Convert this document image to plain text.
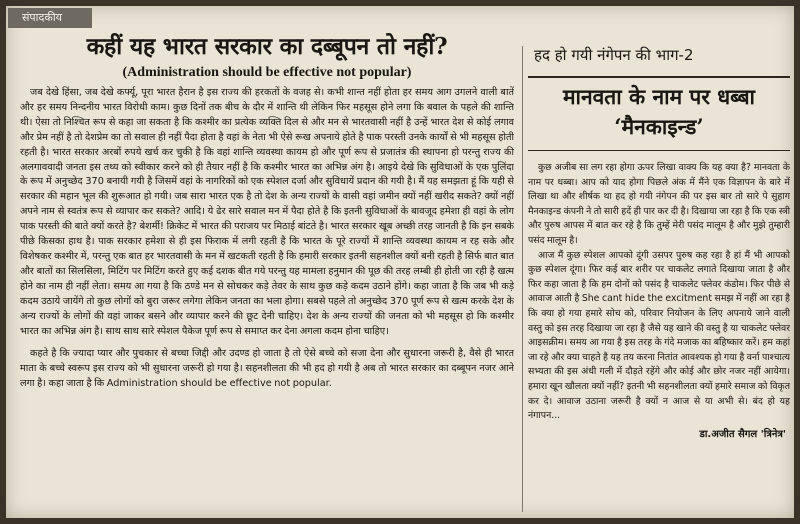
संपादकीय
कहीं यह भारत सरकार का दब्बूपन तो नहीं?
(Administration should be effective not popular)

जब देखे हिंसा, जब देखे कर्फ्यू, पूरा भारत हैरान है इस राज्य की हरकतों के वजह से। कभी शान्त नहीं होता हर समय आग उगलने वाली बातें और हर समय निन्दनीय भारत विरोधी काम। कुछ दिनों तक बीच के दौर में शान्ति थी लेकिन फिर महसूस होने लगा कि बवाल के पहले की शान्ति थी। ऐसा तो निश्चित रूप से कहा जा सकता है कि कश्मीर का प्रत्येक व्यक्ति दिल से और मन से भारतवासी नहीं है उन्हें भारत देश से कोई लगाव और प्रेम नहीं है तो देशप्रेम का तो सवाल ही नहीं पैदा होता है वहां के नेता भी ऐसे रूख अपनाये होते है पाक परस्ती उनके कार्यों से भी महसूस होती रहती है। भारत सरकार अरबों रुपये खर्च कर चुकी है कि वहां शान्ति व्यवस्था कायम हो और पूर्ण रूप से प्रजातंत्र की स्थापना हो परन्तु राज्य की अलगाववादी जनता इस तथ्य को स्वीकार करने को ही तैयार नहीं है कि कश्मीर भारत का अभिन्न अंग है। आइये देखे कि सुविधाओं के एक पुलिंदा के रूप में अनुच्छेद 370 बनायी गयी है जिसमें वहां के नागरिकों को एक स्पेशल दर्जा और सुविधायें प्रदान की गयी है। मैं यह समझता हूं कि यही से सरकार की महान भूल की शुरूआत हो गयी। जब सारा भारत एक है तो देश के अन्य राज्यों के वासी वहां जमीन क्यों नहीं खरीद सकते? क्यों नहीं अपने नाम से स्वतंत्र रूप से व्यापार कर सकते? आदि। ये ढेर सारे सवाल मन में पैदा होते है कि इतनी सुविधाओं के बावजूद हमेशा ही वहां के लोग पाक परस्ती की बाते क्यों करते है? बेशर्मी! क्रिकेट में भारत की पराजय पर मिठाई बांटते है। भारत सरकार खूब अच्छी तरह जानती है कि इन सबके पीछे किसका हाथ है। पाक सरकार हमेशा से ही इस फिराक में लगी रहती है कि भारत के पूरे राज्यों में शान्ति व्यवस्था कायम न रह सके और विशेषकर कश्मीर में, परन्तु एक बात हर भारतवासी के मन में खटकती रहती है कि हमारी सरकार इतनी सहनशील क्यों बनी रहती है सिर्फ बात बात और बातों का सिलसिला, मिटिंग पर मिटिंग करते हुए कई दशक बीत गये परन्तु यह मामला हनुमान की पूछ की तरह लम्बी ही होती जा रही है खत्म होने का नाम ही नहीं लेता। समय आ गया है कि ठण्डे मन से सोचकर कड़े तेवर के साथ कुछ कड़े कदम उठाने होंगे। कहा जाता है कि जब भी कड़े कदम उठाये जायेंगे तो कुछ लोगों को बुरा जरूर लगेगा लेकिन जनता का भला होगा। सबसे पहले तो अनुच्छेद 370 पूर्ण रूप से खत्म करके देश के अन्य राज्यों के लोगों की वहां जाकर बसने और व्यापार करने की छूट देनी चाहिए। देश के अन्य राज्यों की जनता को भी महसूस हो कि कश्मीर भारत का अभिन्न अंग है। साथ साथ सारे स्पेशल पैकेज पूर्ण रूप से समाप्त कर देना अगला कदम होना चाहिए।

कहते है कि ज्यादा प्यार और पुचकार से बच्चा जिद्दी और उदण्ड हो जाता है तो ऐसे बच्चे को सजा देना और सुधारना जरूरी है, वैसे ही भारत माता के बच्चे स्वरूप इस राज्य को भी सुधारना जरूरी हो गया है। सहनशीलता की भी हद हो गयी है अब तो भारत सरकार का दब्बूपन नजर आने लगा है। कहा जाता है कि Administration should be effective not popular.

हद हो गयी नंगेपन की भाग-2
मानवता के नाम पर धब्बा ‘मैनकाइन्ड’

कुछ अजीब सा लग रहा होगा ऊपर लिखा वाक्य कि यह क्या है? मानवता के नाम पर धब्बा। आप को याद होगा पिछले अंक में मैंने एक विज्ञापन के बारे में लिखा था और शीर्षक था हद हो गयी नंगेपन की पर इस बार तो सारे पे सुहाग मैनकाइन्ड कंपनी ने तो सारी हदें ही पार कर दी है। दिखाया जा रहा है कि एक स्त्री और पुरुष आपस में बात कर रहे है कि तुम्हें मेरी पसंद मालूम है और मुझे तुम्हारी पसंद मालूम है।

आज मैं कुछ स्पेशल आपको दूंगी उसपर पुरुष कह रहा है हां मैं भी आपको कुछ स्पेशल दूंगा। फिर कई बार शरीर पर चाकलेट लगाते दिखाया जाता है और फिर कहा जाता है कि हम दोनों को पसंद है चाकलेट फ्लेवर कंडोम। फिर पीछे से आवाज आती है She cant hide the excitment समझ में नहीं आ रहा है कि क्या हो गया हमारे सोच को, परिवार नियोजन के लिए अपनाये जाने वाली वस्तु को इस तरह दिखाया जा रहा है जैसे यह खाने की वस्तु है या चाकलेट फ्लेवर आइसक्रीम। समय आ गया है इस तरह के गंदे मजाक का बहिष्कार करें। हम कहां जा रहे और क्या चाहते है यह तय करना नितांत आवश्यक हो गया है वर्ना पाश्चात्य सभ्यता की इस अंधी गली में दौड़ते रहेंगे और कोई और छोर नजर नहीं आयेगा। हमारा खून खौलता क्यों नहीं? इतनी भी सहनशीलता क्यों हमारे समाज को विकृत कर दे। आवाज उठाना जरूरी है क्यों न आज से या अभी से। बंद हो यह नंगापन...

डा.अजीत सैगल 'त्रिनेत्र'
